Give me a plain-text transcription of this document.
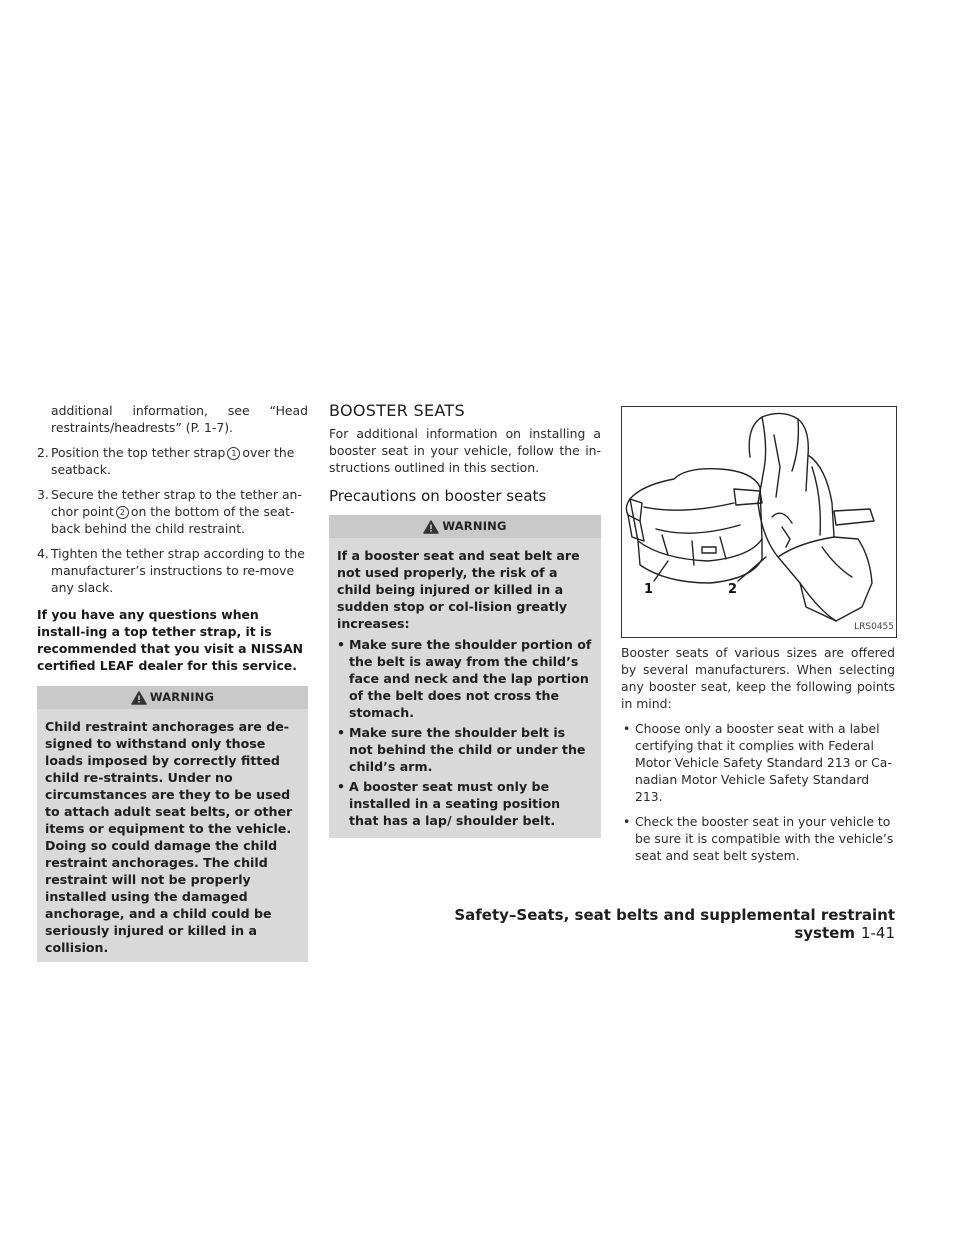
additional information, see “Head restraints/headrests” (P. 1-7).

2. Position the top tether strap 1 over the seatback.
3. Secure the tether strap to the tether an-chor point 2 on the bottom of the seat-back behind the child restraint.
4. Tighten the tether strap according to the manufacturer’s instructions to re-move any slack.

If you have any questions when install-ing a top tether strap, it is recommended that you visit a NISSAN certified LEAF dealer for this service.

WARNING
Child restraint anchorages are de-signed to withstand only those loads imposed by correctly fitted child re-straints. Under no circumstances are they to be used to attach adult seat belts, or other items or equipment to the vehicle. Doing so could damage the child restraint anchorages. The child restraint will not be properly installed using the damaged anchorage, and a child could be seriously injured or killed in a collision.
BOOSTER SEATS

For additional information on installing a booster seat in your vehicle, follow the in-structions outlined in this section.

Precautions on booster seats
WARNING

If a booster seat and seat belt are not used properly, the risk of a child being injured or killed in a sudden stop or col-lision greatly increases:

• Make sure the shoulder portion of the belt is away from the child’s face and neck and the lap portion of the belt does not cross the stomach.
• Make sure the shoulder belt is not behind the child or under the child’s arm.
• A booster seat must only be installed in a seating position that has a lap/ shoulder belt.
1	2
LRS0455

Booster seats of various sizes are offered by several manufacturers. When selecting any booster seat, keep the following points in mind:

• Choose only a booster seat with a label certifying that it complies with Federal Motor Vehicle Safety Standard 213 or Ca-nadian Motor Vehicle Safety Standard 213.
• Check the booster seat in your vehicle to be sure it is compatible with the vehicle’s seat and seat belt system.
Safety–Seats, seat belts and supplemental restraint system 1-41
